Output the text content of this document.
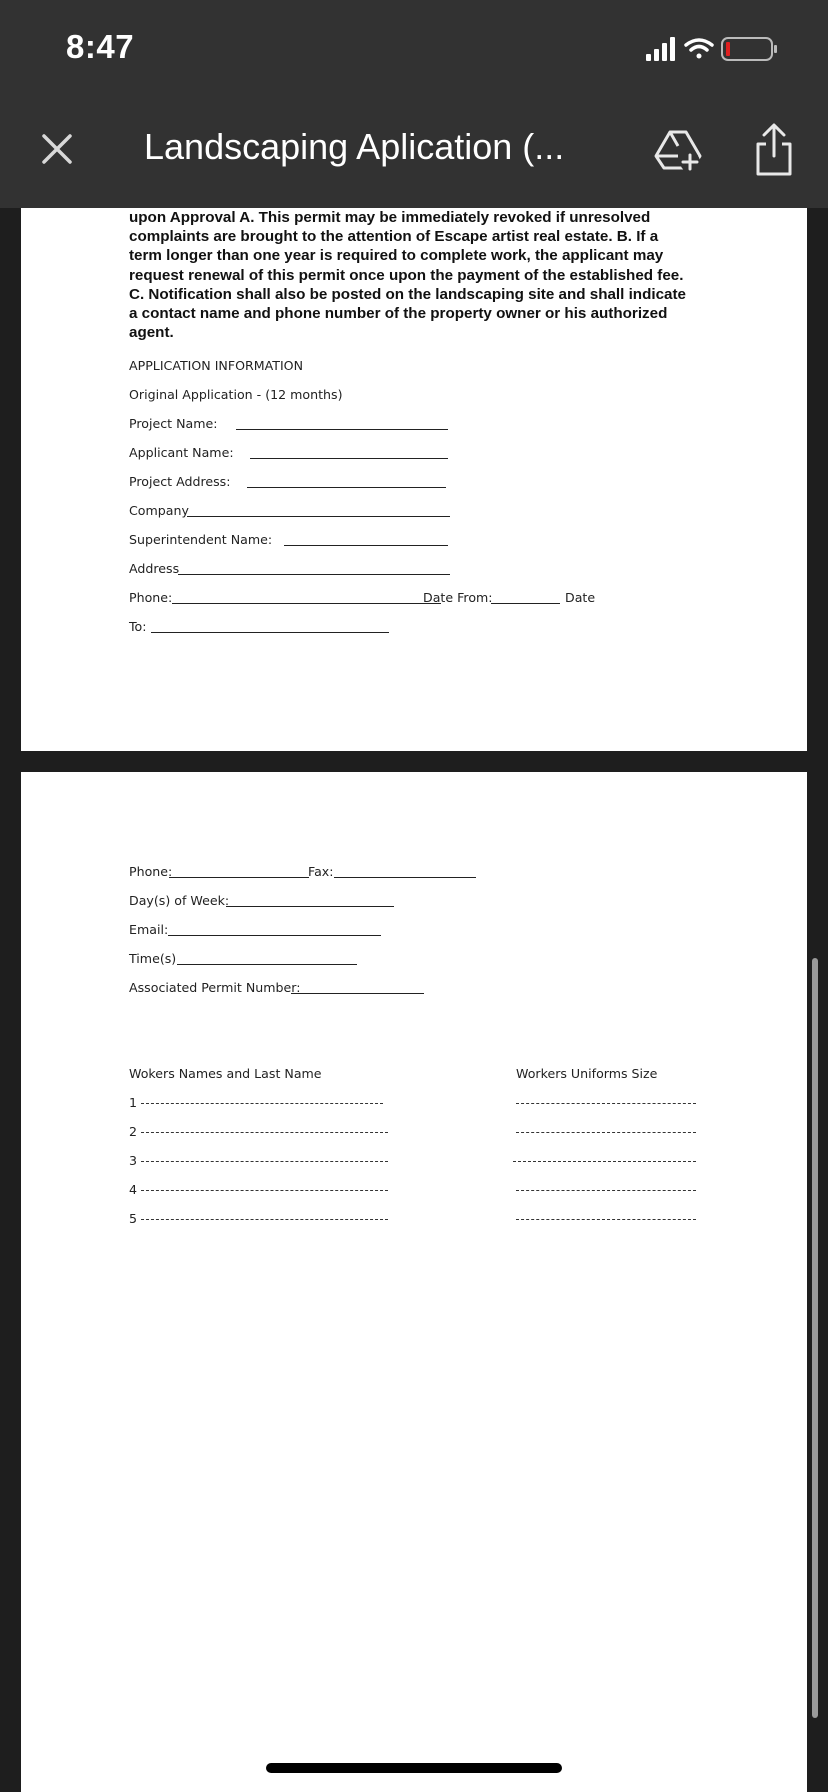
8:47
Landscaping Aplication (...
upon Approval A. This permit may be immediately revoked if unresolved
complaints are brought to the attention of Escape artist real estate. B. If a
term longer than one year is required to complete work, the applicant may
request renewal of this permit once upon the payment of the established fee.
C. Notification shall also be posted on the landscaping site and shall indicate
a contact name and phone number of the property owner or his authorized
agent.
APPLICATION INFORMATION
Original Application - (12 months)
Project Name:
Applicant Name:
Project Address:
Company
Superintendent Name:
Address
Phone:	Date From:	Date
To:
Phone:	Fax:
Day(s) of Week:
Email:
Time(s)
Associated Permit Number:
Wokers Names and Last Name	Workers Uniforms Size
1
2
3
4
5
